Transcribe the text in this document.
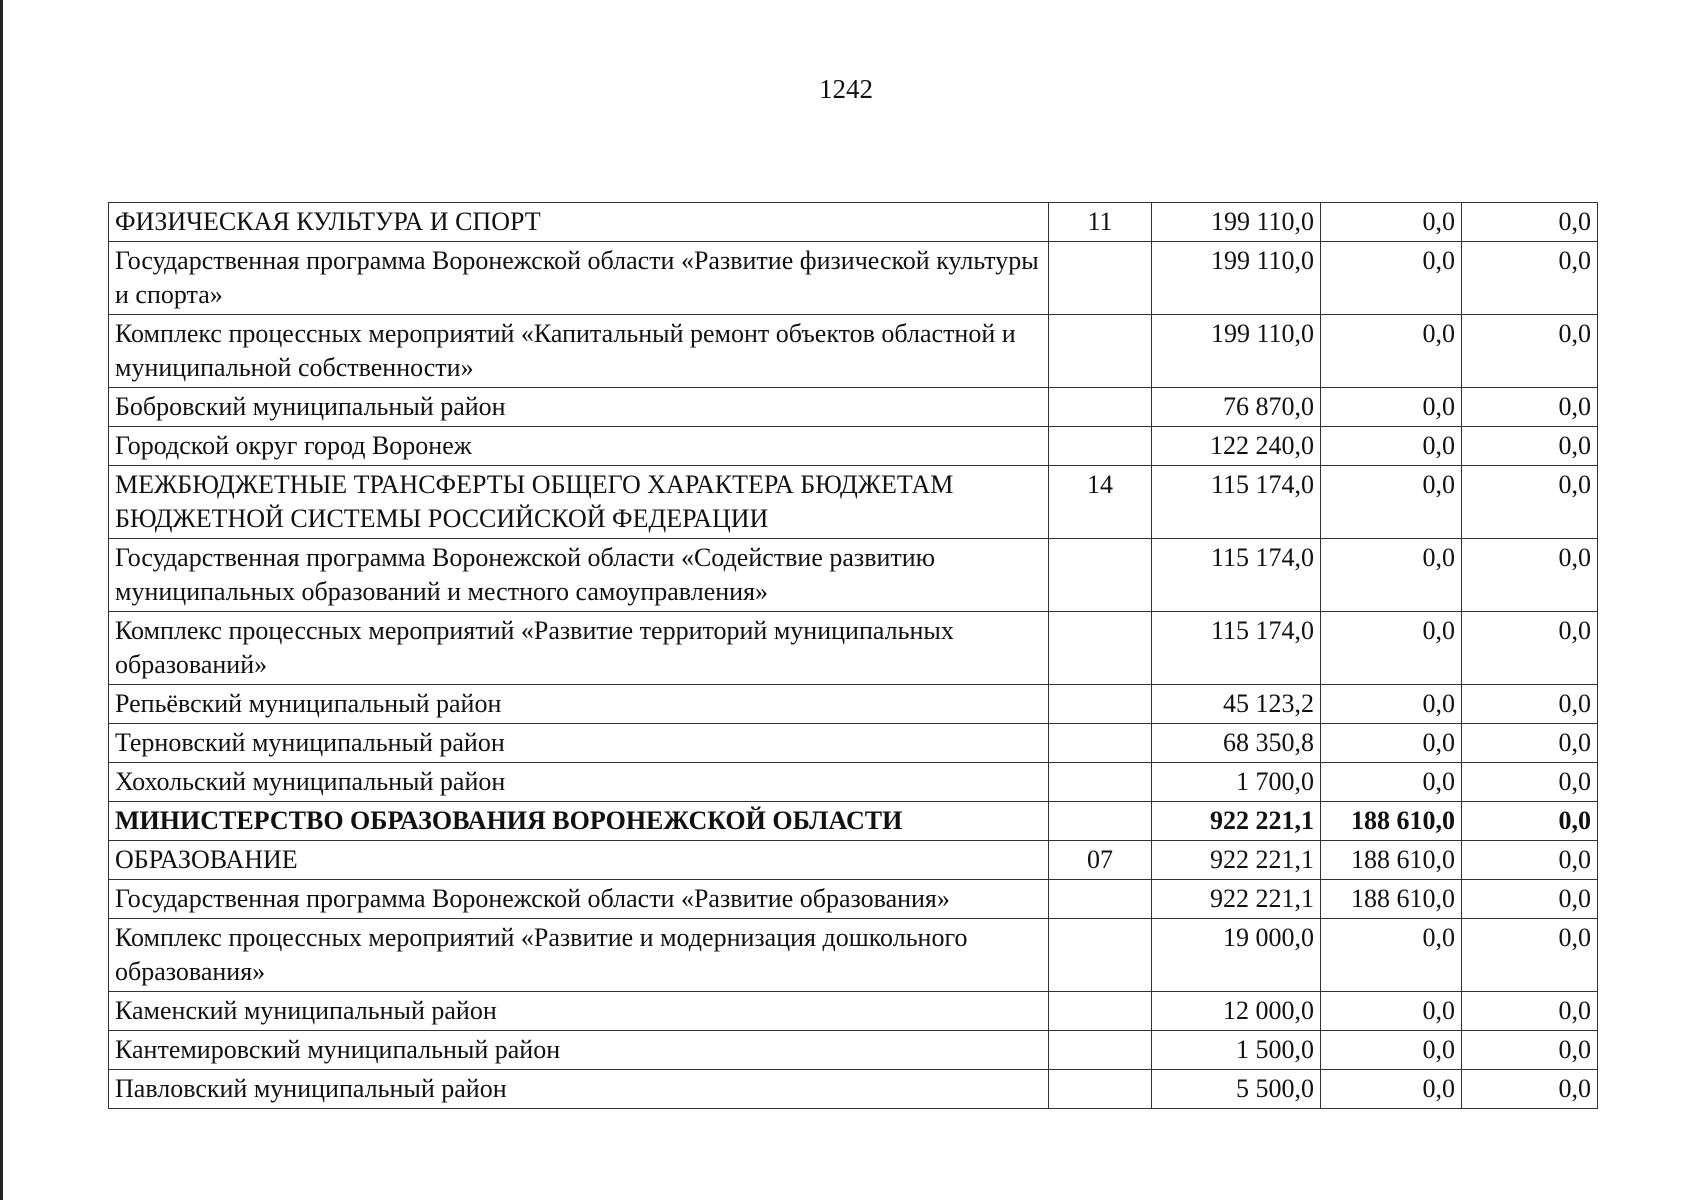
1242
ФИЗИЧЕСКАЯ КУЛЬТУРА И СПОРТ	11	199 110,0	0,0	0,0
Государственная программа Воронежской области «Развитие физической культуры и спорта»		199 110,0	0,0	0,0
Комплекс процессных мероприятий «Капитальный ремонт объектов областной и муниципальной собственности»		199 110,0	0,0	0,0
Бобровский муниципальный район		76 870,0	0,0	0,0
Городской округ город Воронеж		122 240,0	0,0	0,0
МЕЖБЮДЖЕТНЫЕ ТРАНСФЕРТЫ ОБЩЕГО ХАРАКТЕРА БЮДЖЕТАМ БЮДЖЕТНОЙ СИСТЕМЫ РОССИЙСКОЙ ФЕДЕРАЦИИ	14	115 174,0	0,0	0,0
Государственная программа Воронежской области «Содействие развитию муниципальных образований и местного самоуправления»		115 174,0	0,0	0,0
Комплекс процессных мероприятий «Развитие территорий муниципальных образований»		115 174,0	0,0	0,0
Репьёвский муниципальный район		45 123,2	0,0	0,0
Терновский муниципальный район		68 350,8	0,0	0,0
Хохольский муниципальный район		1 700,0	0,0	0,0
МИНИСТЕРСТВО ОБРАЗОВАНИЯ ВОРОНЕЖСКОЙ ОБЛАСТИ		922 221,1	188 610,0	0,0
ОБРАЗОВАНИЕ	07	922 221,1	188 610,0	0,0
Государственная программа Воронежской области «Развитие образования»		922 221,1	188 610,0	0,0
Комплекс процессных мероприятий «Развитие и модернизация дошкольного образования»		19 000,0	0,0	0,0
Каменский муниципальный район		12 000,0	0,0	0,0
Кантемировский муниципальный район		1 500,0	0,0	0,0
Павловский муниципальный район		5 500,0	0,0	0,0
